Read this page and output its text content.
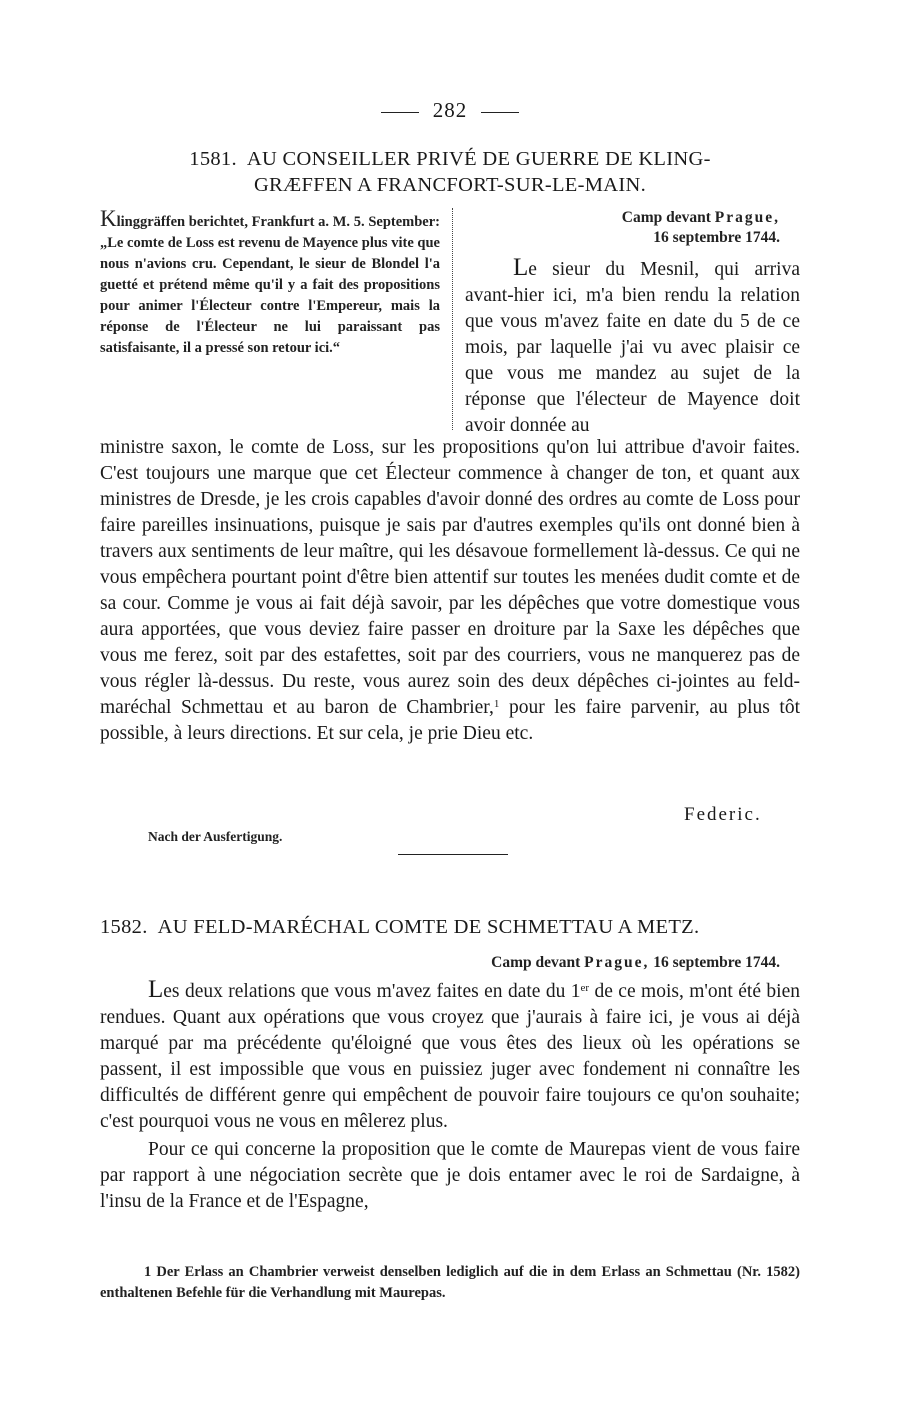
282
1581. AU CONSEILLER PRIVÉ DE GUERRE DE KLING-
GRÆFFEN A FRANCFORT-SUR-LE-MAIN.
Klinggräffen berichtet, Frankfurt a. M. 5. September: „Le comte de Loss est revenu de Mayence plus vite que nous n'avions cru. Cependant, le sieur de Blondel l'a guetté et prétend même qu'il y a fait des propositions pour animer l'Électeur contre l'Empereur, mais la réponse de l'Électeur ne lui paraissant pas satisfaisante, il a pressé son retour ici.“
Camp devant Prague,
16 septembre 1744.

Le sieur du Mesnil, qui arriva avant-hier ici, m'a bien rendu la relation que vous m'avez faite en date du 5 de ce mois, par laquelle j'ai vu avec plaisir ce que vous me mandez au sujet de la réponse que l'électeur de Mayence doit avoir donnée au

ministre saxon, le comte de Loss, sur les propositions qu'on lui attribue d'avoir faites. C'est toujours une marque que cet Électeur commence à changer de ton, et quant aux ministres de Dresde, je les crois capables d'avoir donné des ordres au comte de Loss pour faire pareilles insinuations, puisque je sais par d'autres exemples qu'ils ont donné bien à travers aux sentiments de leur maître, qui les désavoue formellement là-dessus. Ce qui ne vous empêchera pourtant point d'être bien attentif sur toutes les menées dudit comte et de sa cour. Comme je vous ai fait déjà savoir, par les dépêches que votre domestique vous aura apportées, que vous deviez faire passer en droiture par la Saxe les dépêches que vous me ferez, soit par des estafettes, soit par des courriers, vous ne manquerez pas de vous régler là-dessus. Du reste, vous aurez soin des deux dépêches ci-jointes au feld-maréchal Schmettau et au baron de Chambrier,$^1$ pour les faire parvenir, au plus tôt possible, à leurs directions. Et sur cela, je prie Dieu etc.

Federic.
Nach der Ausfertigung.
1582. AU FELD-MARÉCHAL COMTE DE SCHMETTAU A METZ.
Camp devant Prague, 16 septembre 1744.

Les deux relations que vous m'avez faites en date du 1er de ce mois, m'ont été bien rendues. Quant aux opérations que vous croyez que j'aurais à faire ici, je vous ai déjà marqué par ma précédente qu'éloigné que vous êtes des lieux où les opérations se passent, il est impossible que vous en puissiez juger avec fondement ni connaître les difficultés de différent genre qui empêchent de pouvoir faire toujours ce qu'on souhaite; c'est pourquoi vous ne vous en mêlerez plus.

Pour ce qui concerne la proposition que le comte de Maurepas vient de vous faire par rapport à une négociation secrète que je dois entamer avec le roi de Sardaigne, à l'insu de la France et de l'Espagne,

1 Der Erlass an Chambrier verweist denselben lediglich auf die in dem Erlass an Schmettau (Nr. 1582) enthaltenen Befehle für die Verhandlung mit Maurepas.
